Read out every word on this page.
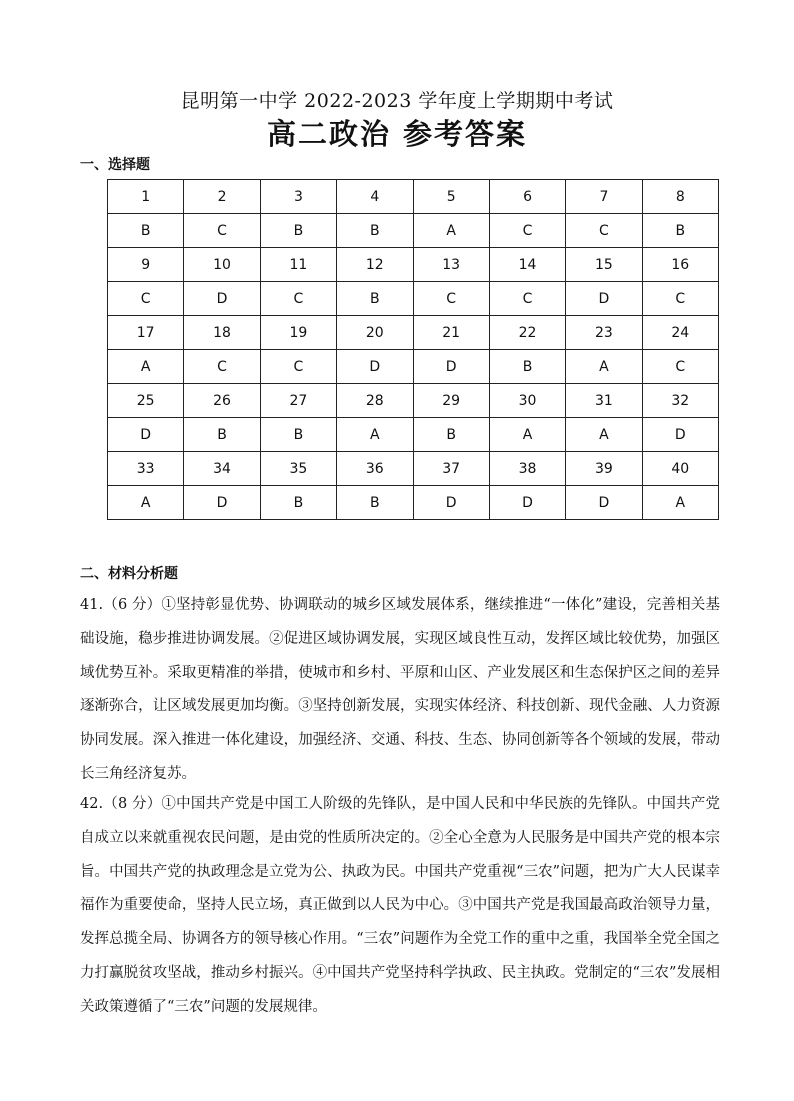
昆明第一中学 2022-2023 学年度上学期期中考试
高二政治 参考答案
一、选择题
1	2	3	4	5	6	7	8
B	C	B	B	A	C	C	B
9	10	11	12	13	14	15	16
C	D	C	B	C	C	D	C
17	18	19	20	21	22	23	24
A	C	C	D	D	B	A	C
25	26	27	28	29	30	31	32
D	B	B	A	B	A	A	D
33	34	35	36	37	38	39	40
A	D	B	B	D	D	D	A
二、材料分析题
41.（6 分）①坚持彰显优势、协调联动的城乡区域发展体系，继续推进“一体化”建设，完善相关基础设施，稳步推进协调发展。②促进区域协调发展，实现区域良性互动，发挥区域比较优势，加强区域优势互补。采取更精准的举措，使城市和乡村、平原和山区、产业发展区和生态保护区之间的差异逐渐弥合，让区域发展更加均衡。③坚持创新发展，实现实体经济、科技创新、现代金融、人力资源协同发展。深入推进一体化建设，加强经济、交通、科技、生态、协同创新等各个领域的发展，带动长三角经济复苏。
42.（8 分）①中国共产党是中国工人阶级的先锋队，是中国人民和中华民族的先锋队。中国共产党自成立以来就重视农民问题，是由党的性质所决定的。②全心全意为人民服务是中国共产党的根本宗旨。中国共产党的执政理念是立党为公、执政为民。中国共产党重视“三农”问题，把为广大人民谋幸福作为重要使命，坚持人民立场，真正做到以人民为中心。③中国共产党是我国最高政治领导力量，发挥总揽全局、协调各方的领导核心作用。“三农”问题作为全党工作的重中之重，我国举全党全国之力打赢脱贫攻坚战，推动乡村振兴。④中国共产党坚持科学执政、民主执政。党制定的“三农”发展相关政策遵循了“三农”问题的发展规律。
